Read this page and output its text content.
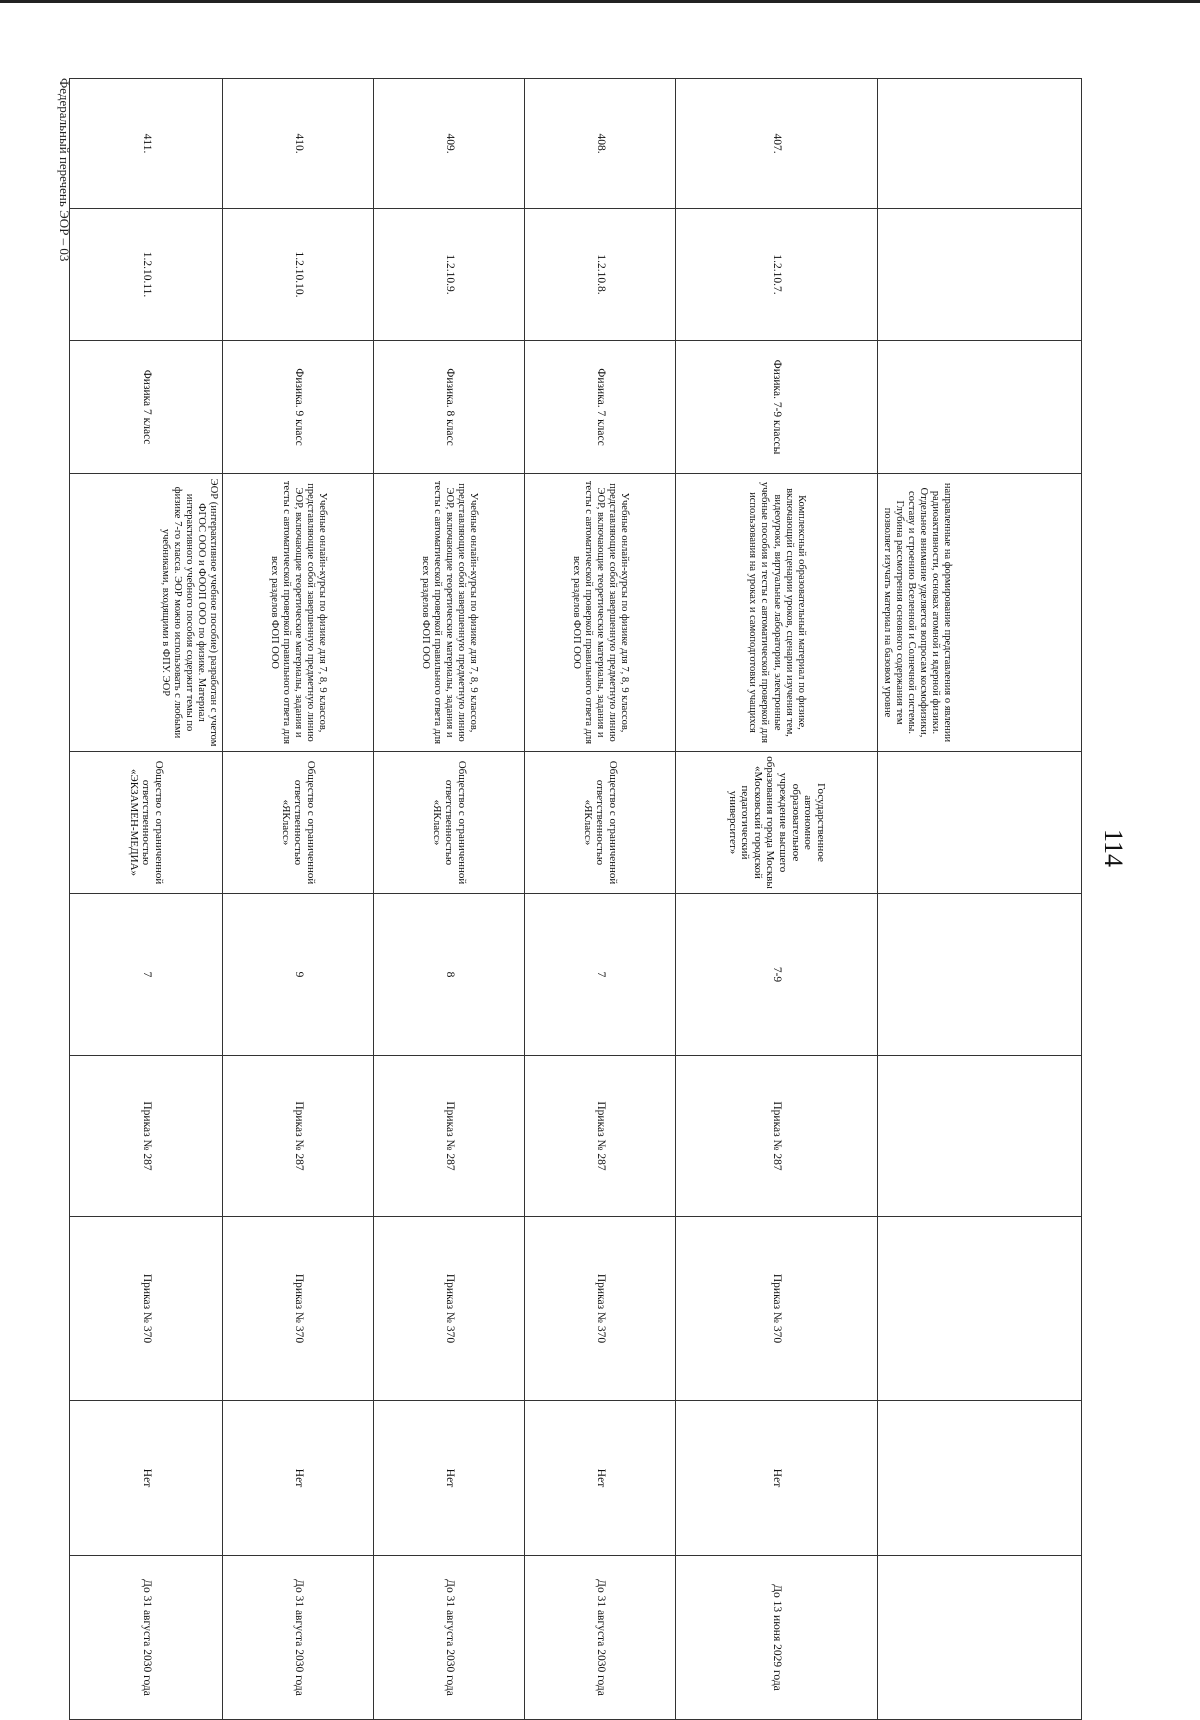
114
			направленные на формирование представления о явлении радиоактивности, основах атомной и ядерной физики. Отдельное внимание уделяется вопросам космофизики, составу и строению Вселенной и Солнечной системы. Глубина рассмотрения основного содержания тем позволяет изучать материал на базовом уровне						
407.	1.2.10.7.	Физика. 7-9 классы	Комплексный образовательный материал по физике, включающий сценарии уроков, сценарии изучения тем, видеоуроки, виртуальные лаборатории, электронные учебные пособия и тесты с автоматической проверкой для использования на уроках и самоподготовки учащихся	Государственное автономное образовательное учреждение высшего образования города Москвы «Московский городской педагогический университет»	7-9	Приказ № 287	Приказ № 370	Нет	До 13 июня 2029 года
408.	1.2.10.8.	Физика. 7 класс	Учебные онлайн-курсы по физике для 7, 8, 9 классов, представляющие собой завершенную предметную линию ЭОР, включающие теоретические материалы, задания и тесты с автоматической проверкой правильного ответа для всех разделов ФОП ООО	Общество с ограниченной ответственностью «ЯКласс»	7	Приказ № 287	Приказ № 370	Нет	До 31 августа 2030 года
409.	1.2.10.9.	Физика. 8 класс	Учебные онлайн-курсы по физике для 7, 8, 9 классов, представляющие собой завершенную предметную линию ЭОР, включающие теоретические материалы, задания и тесты с автоматической проверкой правильного ответа для всех разделов ФОП ООО	Общество с ограниченной ответственностью «ЯКласс»	8	Приказ № 287	Приказ № 370	Нет	До 31 августа 2030 года
410.	1.2.10.10.	Физика. 9 класс	Учебные онлайн-курсы по физике для 7, 8, 9 классов, представляющие собой завершенную предметную линию ЭОР, включающие теоретические материалы, задания и тесты с автоматической проверкой правильного ответа для всех разделов ФОП ООО	Общество с ограниченной ответственностью «ЯКласс»	9	Приказ № 287	Приказ № 370	Нет	До 31 августа 2030 года
411.	1.2.10.11.	Физика 7 класс	ЭОР (интерактивное учебное пособие) разработан с учетом ФГОС ООО и ФООП ООО по физике. Материал интерактивного учебного пособия содержит темы по физике 7-го класса. ЭОР можно использовать с любыми учебниками, входящими в ФПУ. ЭОР	Общество с ограниченной ответственностью «ЭКЗАМЕН-МЕДИА»	7	Приказ № 287	Приказ № 370	Нет	До 31 августа 2030 года
Федеральный перечень ЭОР – 03
